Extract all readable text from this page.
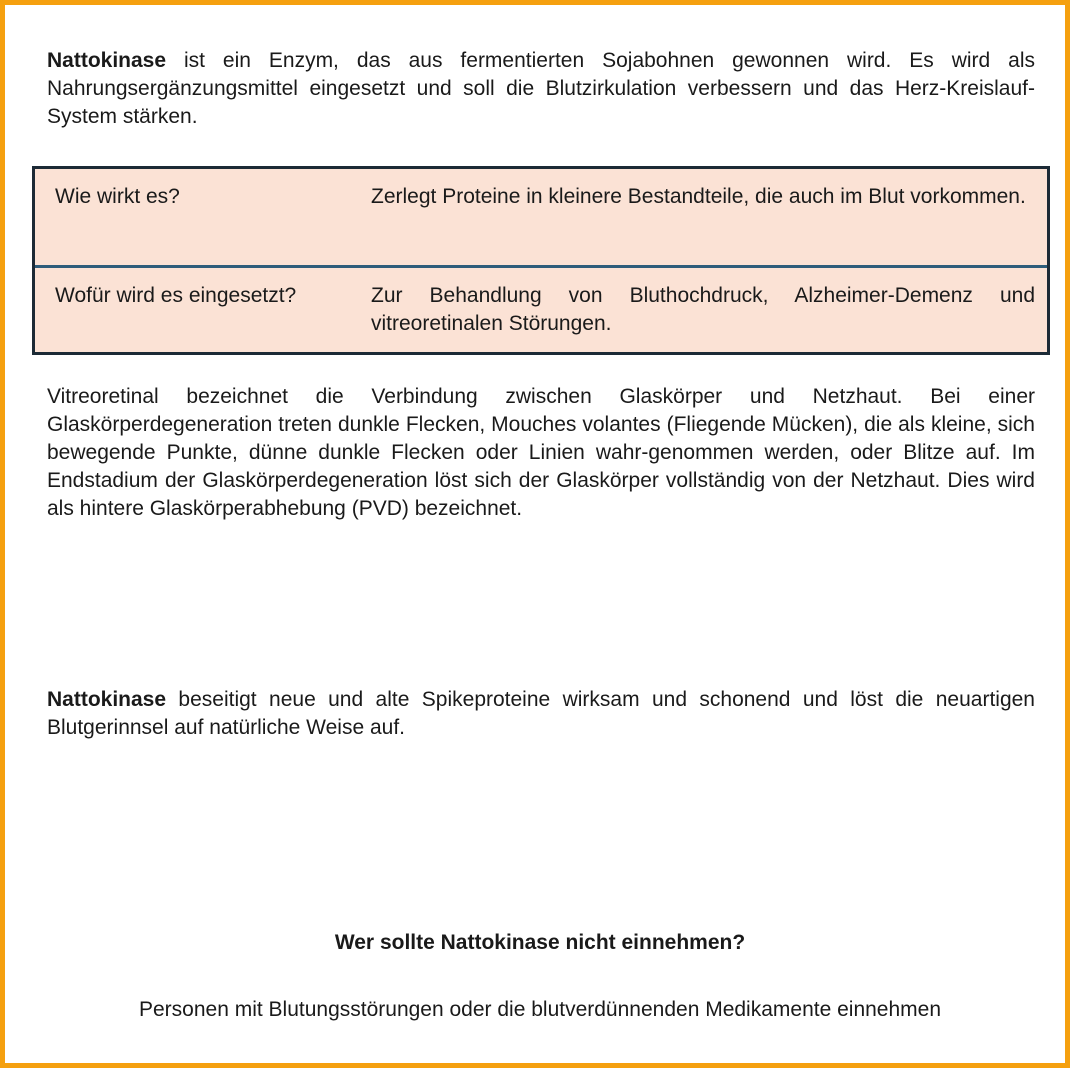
Nattokinase ist ein Enzym, das aus fermentierten Sojabohnen gewonnen wird. Es wird als Nahrungsergänzungsmittel eingesetzt und soll die Blutzirkulation verbessern und das Herz-Kreislauf-System stärken.

Wie wirkt es?	Zerlegt Proteine in kleinere Bestandteile, die auch im Blut vorkommen.
Wofür wird es eingesetzt?	Zur Behandlung von Bluthochdruck, Alzheimer-Demenz und vitreoretinalen Störungen.

Vitreoretinal bezeichnet die Verbindung zwischen Glaskörper und Netzhaut. Bei einer Glaskörperdegeneration treten dunkle Flecken, Mouches volantes (Fliegende Mücken), die als kleine, sich bewegende Punkte, dünne dunkle Flecken oder Linien wahr-genommen werden, oder Blitze auf. Im Endstadium der Glaskörperdegeneration löst sich der Glaskörper vollständig von der Netzhaut. Dies wird als hintere Glaskörperabhebung (PVD) bezeichnet.

Nattokinase beseitigt neue und alte Spikeproteine wirksam und schonend und löst die neuartigen Blutgerinnsel auf natürliche Weise auf.

Wer sollte Nattokinase nicht einnehmen?

Personen mit Blutungsstörungen oder die blutverdünnenden Medikamente einnehmen
